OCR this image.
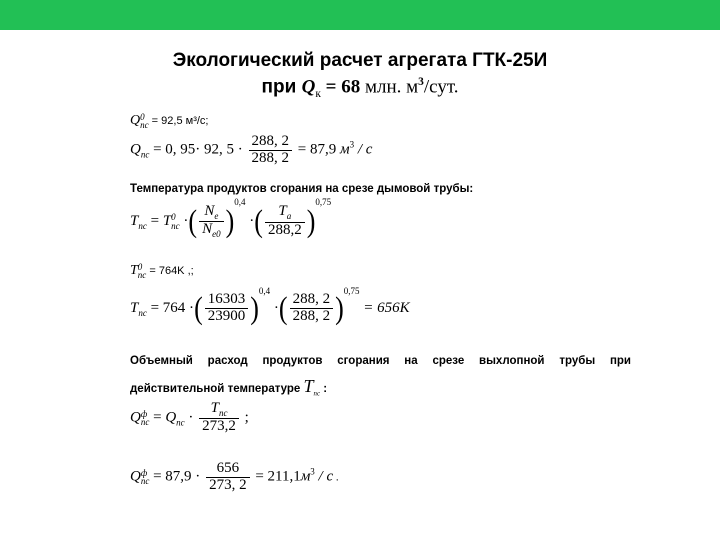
Экологический расчет агрегата ГТК-25И
при $Q_к = 68$ млн. $м^3$/сут.
Q 0
пс = 92,5 м³/с;
$Q_{пс} = 0$, 95· 92, $5 \cdot \frac{288, 2}{288, 2} = 87,9$ $м^3$ / с
Температура продуктов сгорания на срезе дымовой трубы:
$T_{пс} = T$ 0
пс ·( $\frac{N_e}{N_{e0}} )^{0,4}$ ·( $\frac{T_a}{288,2} )^{0,75}$
T 0
пс = 764K ,;
$T_{пс} = 764$ ·( $\frac{16303}{23900} )^{0,4}$ ·( $\frac{288, 2}{288, 2} )^{0,75} = 656K$
Объемный расход продуктов сгорания на срезе выхлопной трубы при
действительной температуре $T_{пс}$ :
Q ф
пс = $Q_{пс} \cdot \frac{T_{пс}}{273,2}$ ;
Q ф
пс = $87,9 \cdot \frac{656}{273, 2} = 211,1м^3 / с$ .
